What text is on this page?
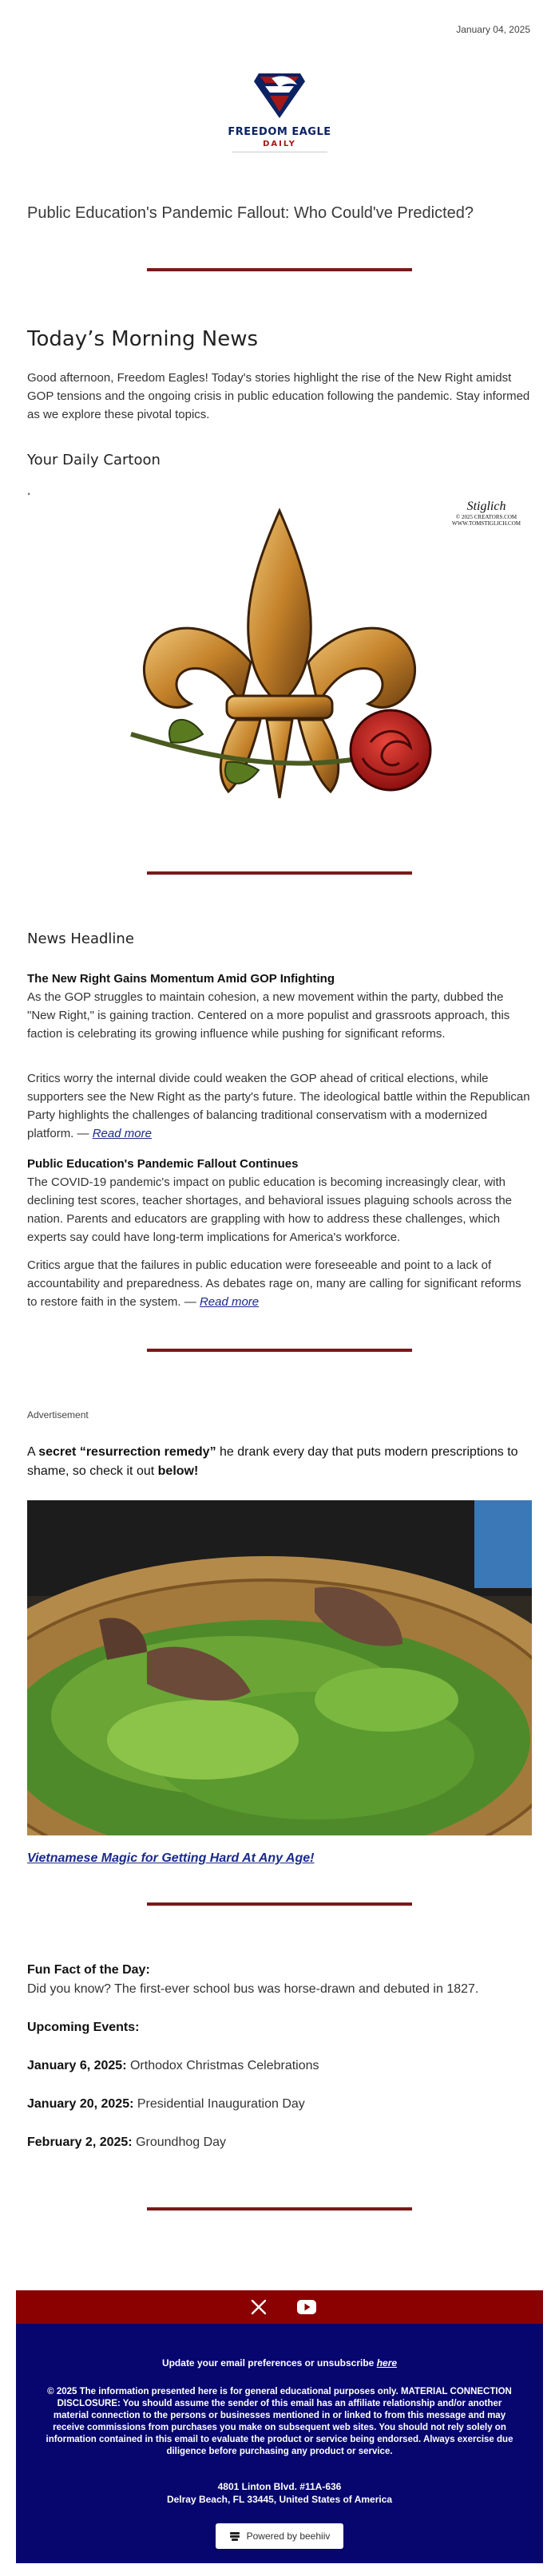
January 04, 2025
FREEDOM EAGLE
DAILY
Public Education's Pandemic Fallout: Who Could've Predicted?
Today’s Morning News

Good afternoon, Freedom Eagles! Today's stories highlight the rise of the New Right amidst GOP tensions and the ongoing crisis in public education following the pandemic. Stay informed as we explore these pivotal topics.

Your Daily Cartoon
¸
Stiglich
© 2025 CREATORS.COM
WWW.TOMSTIGLICH.COM
News Headline
The New Right Gains Momentum Amid GOP Infighting

As the GOP struggles to maintain cohesion, a new movement within the party, dubbed the "New Right," is gaining traction. Centered on a more populist and grassroots approach, this faction is celebrating its growing influence while pushing for significant reforms.

Critics worry the internal divide could weaken the GOP ahead of critical elections, while supporters see the New Right as the party's future. The ideological battle within the Republican Party highlights the challenges of balancing traditional conservatism with a modernized platform. — Read more

Public Education's Pandemic Fallout Continues

The COVID-19 pandemic's impact on public education is becoming increasingly clear, with declining test scores, teacher shortages, and behavioral issues plaguing schools across the nation. Parents and educators are grappling with how to address these challenges, which experts say could have long-term implications for America's workforce.

Critics argue that the failures in public education were foreseeable and point to a lack of accountability and preparedness. As debates rage on, many are calling for significant reforms to restore faith in the system. — Read more

Advertisement

A secret “resurrection remedy” he drank every day that puts modern prescriptions to shame, so check it out below!

Vietnamese Magic for Getting Hard At Any Age!
Fun Fact of the Day:
Did you know? The first-ever school bus was horse-drawn and debuted in 1827.
Upcoming Events:
January 6, 2025: Orthodox Christmas Celebrations
January 20, 2025: Presidential Inauguration Day
February 2, 2025: Groundhog Day
Update your email preferences or unsubscribe here
© 2025 The information presented here is for general educational purposes only. MATERIAL CONNECTION DISCLOSURE: You should assume the sender of this email has an affiliate relationship and/or another material connection to the persons or businesses mentioned in or linked to from this message and may receive commissions from purchases you make on subsequent web sites. You should not rely solely on information contained in this email to evaluate the product or service being endorsed. Always exercise due diligence before purchasing any product or service.
4801 Linton Blvd. #11A-636
Delray Beach, FL 33445, United States of America
Powered by beehiiv
